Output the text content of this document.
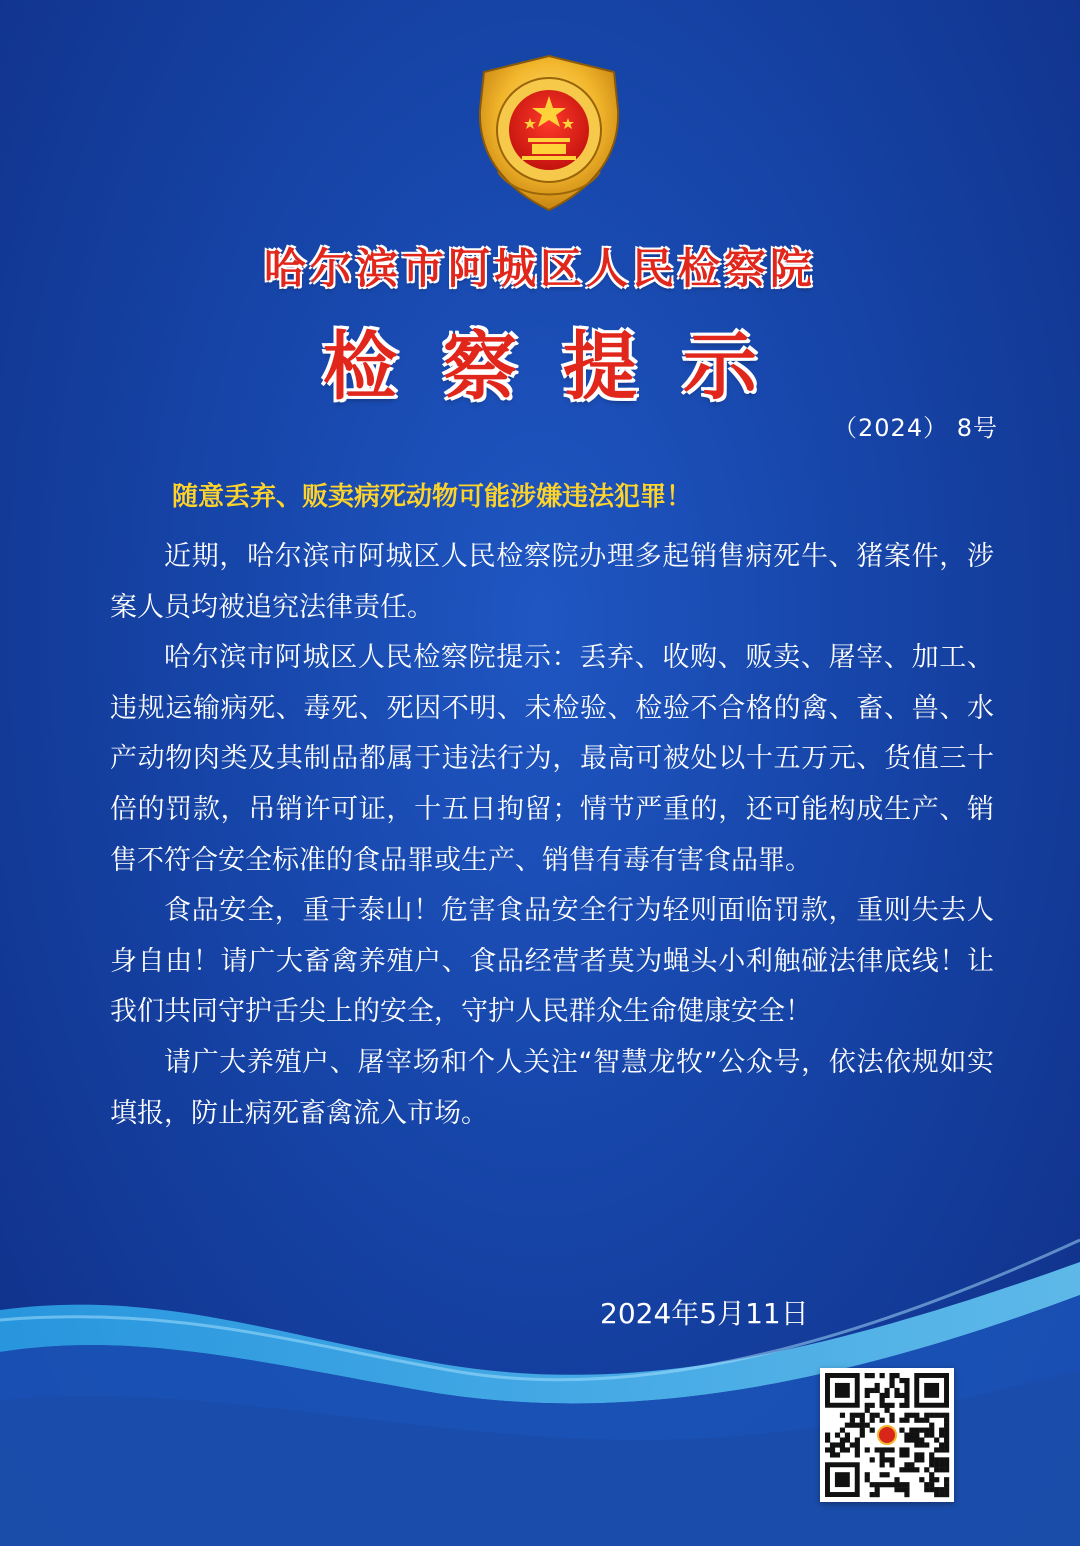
哈尔滨市阿城区人民检察院
检察提示
（2024） 8号
随意丢弃、贩卖病死动物可能涉嫌违法犯罪！

近期，哈尔滨市阿城区人民检察院办理多起销售病死牛、猪案件，涉案人员均被追究法律责任。

哈尔滨市阿城区人民检察院提示：丢弃、收购、贩卖、屠宰、加工、违规运输病死、毒死、死因不明、未检验、检验不合格的禽、畜、兽、水产动物肉类及其制品都属于违法行为，最高可被处以十五万元、货值三十倍的罚款，吊销许可证，十五日拘留；情节严重的，还可能构成生产、销售不符合安全标准的食品罪或生产、销售有毒有害食品罪。

食品安全，重于泰山！危害食品安全行为轻则面临罚款，重则失去人身自由！请广大畜禽养殖户、食品经营者莫为蝇头小利触碰法律底线！让我们共同守护舌尖上的安全，守护人民群众生命健康安全！

请广大养殖户、屠宰场和个人关注“智慧龙牧”公众号，依法依规如实填报，防止病死畜禽流入市场。

2024年5月11日
